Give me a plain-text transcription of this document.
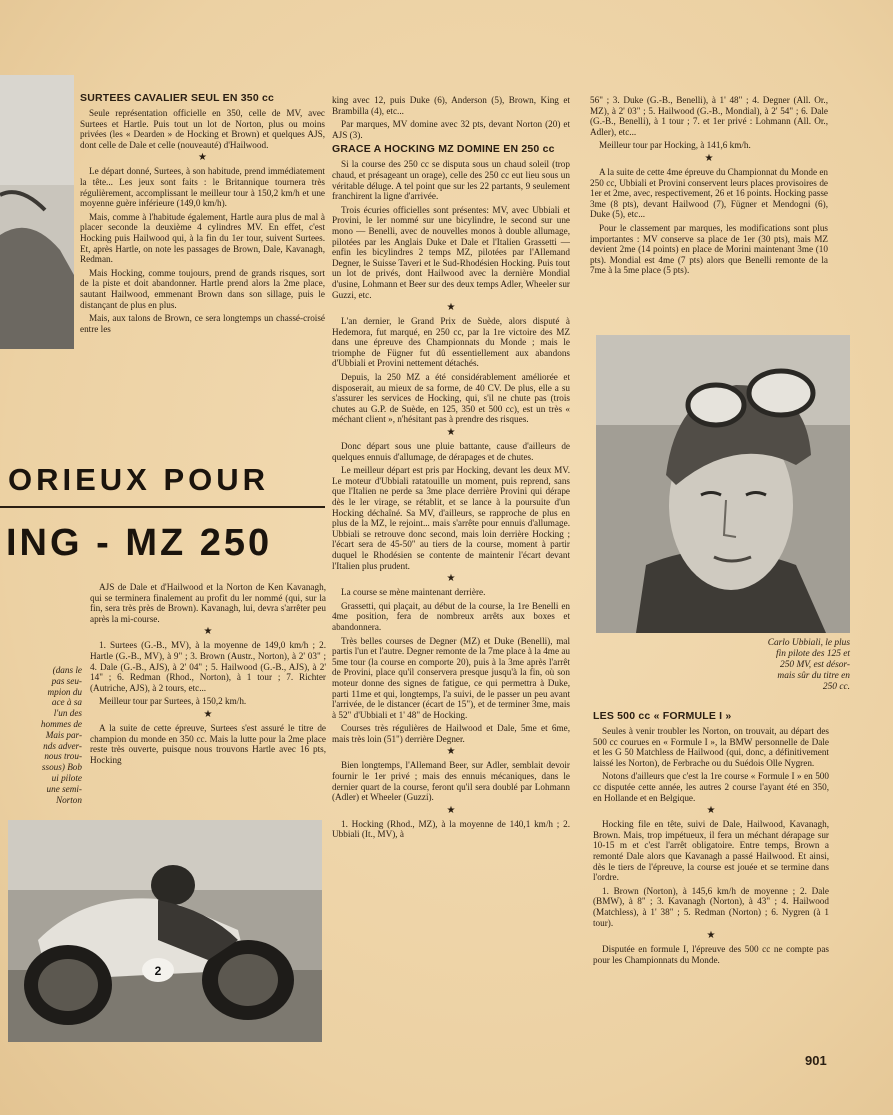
SURTEES CAVALIER SEUL EN 350 cc

Seule représentation officielle en 350, celle de MV, avec Surtees et Hartle. Puis tout un lot de Norton, plus ou moins privées (les « Dearden » de Hocking et Brown) et quelques AJS, dont celle de Dale et celle (nouveauté) d'Hailwood.

★

Le départ donné, Surtees, à son habitude, prend immédiatement la tête... Les jeux sont faits : le Britannique tournera très régulièrement, accomplissant le meilleur tour à 150,2 km/h et une moyenne guère inférieure (149,0 km/h).

Mais, comme à l'habitude également, Hartle aura plus de mal à placer seconde la deuxième 4 cylindres MV. En effet, c'est Hocking puis Hailwood qui, à la fin du 1er tour, suivent Surtees. Et, après Hartle, on note les passages de Brown, Dale, Kavanagh, Redman.

Mais Hocking, comme toujours, prend de grands risques, sort de la piste et doit abandonner. Hartle prend alors la 2me place, sautant Hailwood, emmenant Brown dans son sillage, puis le distançant de plus en plus.

Mais, aux talons de Brown, ce sera longtemps un chassé-croisé entre les

ORIEUX POUR
ING - MZ 250

AJS de Dale et d'Hailwood et la Norton de Ken Kavanagh, qui se terminera finalement au profit du ler nommé (qui, sur la fin, sera très près de Brown). Kavanagh, lui, devra s'arrêter peu après la mi-course.

★

1. Surtees (G.-B., MV), à la moyenne de 149,0 km/h ; 2. Hartle (G.-B., MV), à 9" ; 3. Brown (Austr., Norton), à 2' 03" ; 4. Dale (G.-B., AJS), à 2' 04" ; 5. Hailwood (G.-B., AJS), à 2' 14" ; 6. Redman (Rhod., Norton), à 1 tour ; 7. Richter (Autriche, AJS), à 2 tours, etc...

Meilleur tour par Surtees, à 150,2 km/h.

★

A la suite de cette épreuve, Surtees s'est assuré le titre de champion du monde en 350 cc. Mais la lutte pour la 2me place reste très ouverte, puisque nous trouvons Hartle avec 16 pts, Hocking

(dans le
pas seu-
mpion du
ace à sa
l'un des
hommes de
Mais par-
nds adver-
nous trou-
ssous) Bob
ui pilote
une semi-
Norton
2

king avec 12, puis Duke (6), Anderson (5), Brown, King et Brambilla (4), etc...

Par marques, MV domine avec 32 pts, devant Norton (20) et AJS (3).

GRACE A HOCKING MZ DOMINE EN 250 cc

Si la course des 250 cc se disputa sous un chaud soleil (trop chaud, et présageant un orage), celle des 250 cc eut lieu sous un véritable déluge. A tel point que sur les 22 partants, 9 seulement franchirent la ligne d'arrivée.

Trois écuries officielles sont présentes: MV, avec Ubbiali et Provini, le ler nommé sur une bicylindre, le second sur une mono — Benelli, avec de nouvelles monos à double allumage, pilotées par les Anglais Duke et Dale et l'Italien Grassetti — enfin les bicylindres 2 temps MZ, pilotées par l'Allemand Degner, le Suisse Taveri et le Sud-Rhodésien Hocking. Puis tout un lot de privés, dont Hailwood avec la dernière Mondial d'usine, Lohmann et Beer sur des deux temps Adler, Wheeler sur Guzzi, etc.

★

L'an dernier, le Grand Prix de Suède, alors disputé à Hedemora, fut marqué, en 250 cc, par la 1re victoire des MZ dans une épreuve des Championnats du Monde ; mais le triomphe de Fügner fut dû essentiellement aux abandons d'Ubbiali et Provini nettement détachés.

Depuis, la 250 MZ a été considérablement améliorée et disposerait, au mieux de sa forme, de 40 CV. De plus, elle a su s'assurer les services de Hocking, qui, s'il ne chute pas (trois chutes au G.P. de Suède, en 125, 350 et 500 cc), est un très « méchant client », n'hésitant pas à prendre des risques.

★

Donc départ sous une pluie battante, cause d'ailleurs de quelques ennuis d'allumage, de dérapages et de chutes.

Le meilleur départ est pris par Hocking, devant les deux MV. Le moteur d'Ubbiali ratatouille un moment, puis reprend, sans que l'Italien ne perde sa 3me place derrière Provini qui dérape dès le ler virage, se rétablit, et se lance à la poursuite d'un Hocking déchaîné. Sa MV, d'ailleurs, se rapproche de plus en plus de la MZ, le rejoint... mais s'arrête pour ennuis d'allumage. Ubbiali se retrouve donc second, mais loin derrière Hocking ; l'écart sera de 45-50" au tiers de la course, moment à partir duquel le Rhodésien se contente de maintenir l'écart devant l'Italien plus prudent.

★

La course se mène maintenant derrière.

Grassetti, qui plaçait, au début de la course, la 1re Benelli en 4me position, fera de nombreux arrêts aux boxes et abandonnera.

Très belles courses de Degner (MZ) et Duke (Benelli), mal partis l'un et l'autre. Degner remonte de la 7me place à la 4me au 5me tour (la course en comporte 20), puis à la 3me après l'arrêt de Provini, place qu'il conservera presque jusqu'à la fin, où son moteur donne des signes de fatigue, ce qui permettra à Duke, parti 11me et qui, longtemps, l'a suivi, de le passer un peu avant l'arrivée, de le distancer (écart de 15"), et de terminer 3me, mais à 52" d'Ubbiali et 1' 48" de Hocking.

Courses très régulières de Hailwood et Dale, 5me et 6me, mais très loin (51") derrière Degner.

★

Bien longtemps, l'Allemand Beer, sur Adler, semblait devoir fournir le 1er privé ; mais des ennuis mécaniques, dans le dernier quart de la course, feront qu'il sera doublé par Lohmann (Adler) et Wheeler (Guzzi).

★

1. Hocking (Rhod., MZ), à la moyenne de 140,1 km/h ; 2. Ubbiali (It., MV), à

56" ; 3. Duke (G.-B., Benelli), à 1' 48" ; 4. Degner (All. Or., MZ), à 2' 03" ; 5. Hailwood (G.-B., Mondial), à 2' 54" ; 6. Dale (G.-B., Benelli), à 1 tour ; 7. et 1er privé : Lohmann (All. Or., Adler), etc...

Meilleur tour par Hocking, à 141,6 km/h.

★

A la suite de cette 4me épreuve du Championnat du Monde en 250 cc, Ubbiali et Provini conservent leurs places provisoires de 1er et 2me, avec, respectivement, 26 et 16 points. Hocking passe 3me (8 pts), devant Hailwood (7), Fügner et Mendogni (6), Duke (5), etc...

Pour le classement par marques, les modifications sont plus importantes : MV conserve sa place de 1er (30 pts), mais MZ devient 2me (14 points) en place de Morini maintenant 3me (10 pts). Mondial est 4me (7 pts) alors que Benelli remonte de la 7me à la 5me place (5 pts).

Carlo Ubbiali, le plus
fin pilote des 125 et
250 MV, est désor-
mais sûr du titre en
250 cc.
LES 500 cc « FORMULE I »

Seules à venir troubler les Norton, on trouvait, au départ des 500 cc courues en « Formule I », la BMW personnelle de Dale et les G 50 Matchless de Hailwood (qui, donc, a définitivement laissé les Norton), de Ferbrache ou du Suédois Olle Nygren.

Notons d'ailleurs que c'est la 1re course « Formule I » en 500 cc disputée cette année, les autres 2 course l'ayant été en 350, en Hollande et en Belgique.

★

Hocking file en tête, suivi de Dale, Hailwood, Kavanagh, Brown. Mais, trop impétueux, il fera un méchant dérapage sur 10-15 m et c'est l'arrêt obligatoire. Entre temps, Brown a remonté Dale alors que Kavanagh a passé Hailwood. Et ainsi, dès le tiers de l'épreuve, la course est jouée et se termine dans l'ordre.

1. Brown (Norton), à 145,6 km/h de moyenne ; 2. Dale (BMW), à 8" ; 3. Kavanagh (Norton), à 43" ; 4. Hailwood (Matchless), à 1' 38" ; 5. Redman (Norton) ; 6. Nygren (à 1 tour).

★

Disputée en formule I, l'épreuve des 500 cc ne compte pas pour les Championnats du Monde.

901
